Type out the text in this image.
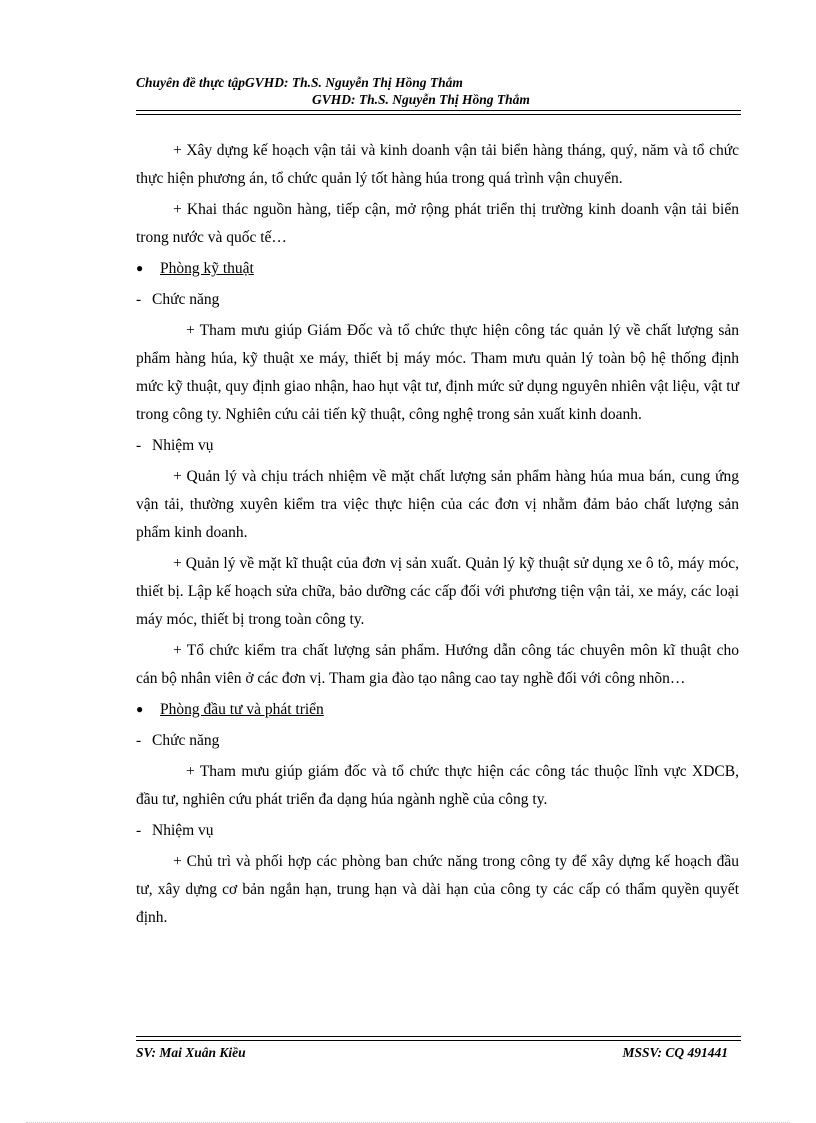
Chuyên đề thực tậpGVHD: Th.S. Nguyễn Thị Hồng Thắm
GVHD: Th.S. Nguyễn Thị Hồng Thắm

+ Xây dựng kế hoạch vận tải và kinh doanh vận tải biển hàng tháng, quý, năm và tổ chức thực hiện phương án, tổ chức quản lý tốt hàng húa trong quá trình vận chuyển.

+ Khai thác nguồn hàng, tiếp cận, mở rộng phát triển thị trường kinh doanh vận tải biển trong nước và quốc tế…

● Phòng kỹ thuật
- Chức năng

+ Tham mưu giúp Giám Đốc và tổ chức thực hiện công tác quản lý về chất lượng sản phẩm hàng húa, kỹ thuật xe máy, thiết bị máy móc. Tham mưu quản lý toàn bộ hệ thống định mức kỹ thuật, quy định giao nhận, hao hụt vật tư, định mức sử dụng nguyên nhiên vật liệu, vật tư trong công ty. Nghiên cứu cải tiến kỹ thuật, công nghệ trong sản xuất kinh doanh.

- Nhiệm vụ

+ Quản lý và chịu trách nhiệm về mặt chất lượng sản phẩm hàng húa mua bán, cung ứng vận tải, thường xuyên kiểm tra việc thực hiện của các đơn vị nhằm đảm bảo chất lượng sản phẩm kinh doanh.

+ Quản lý về mặt kĩ thuật của đơn vị sản xuất. Quản lý kỹ thuật sử dụng xe ô tô, máy móc, thiết bị. Lập kế hoạch sửa chữa, bảo dưỡng các cấp đối với phương tiện vận tải, xe máy, các loại máy móc, thiết bị trong toàn công ty.

+ Tổ chức kiểm tra chất lượng sản phẩm. Hướng dẫn công tác chuyên môn kĩ thuật cho cán bộ nhân viên ở các đơn vị. Tham gia đào tạo nâng cao tay nghề đối với công nhõn…

● Phòng đầu tư và phát triển
- Chức năng

+ Tham mưu giúp giám đốc và tổ chức thực hiện các công tác thuộc lĩnh vực XDCB, đầu tư, nghiên cứu phát triển đa dạng húa ngành nghề của công ty.

- Nhiệm vụ

+ Chủ trì và phối hợp các phòng ban chức năng trong công ty để xây dựng kế hoạch đầu tư, xây dựng cơ bản ngắn hạn, trung hạn và dài hạn của công ty các cấp có thẩm quyền quyết định.

SV: Mai Xuân Kiều	MSSV: CQ 491441
